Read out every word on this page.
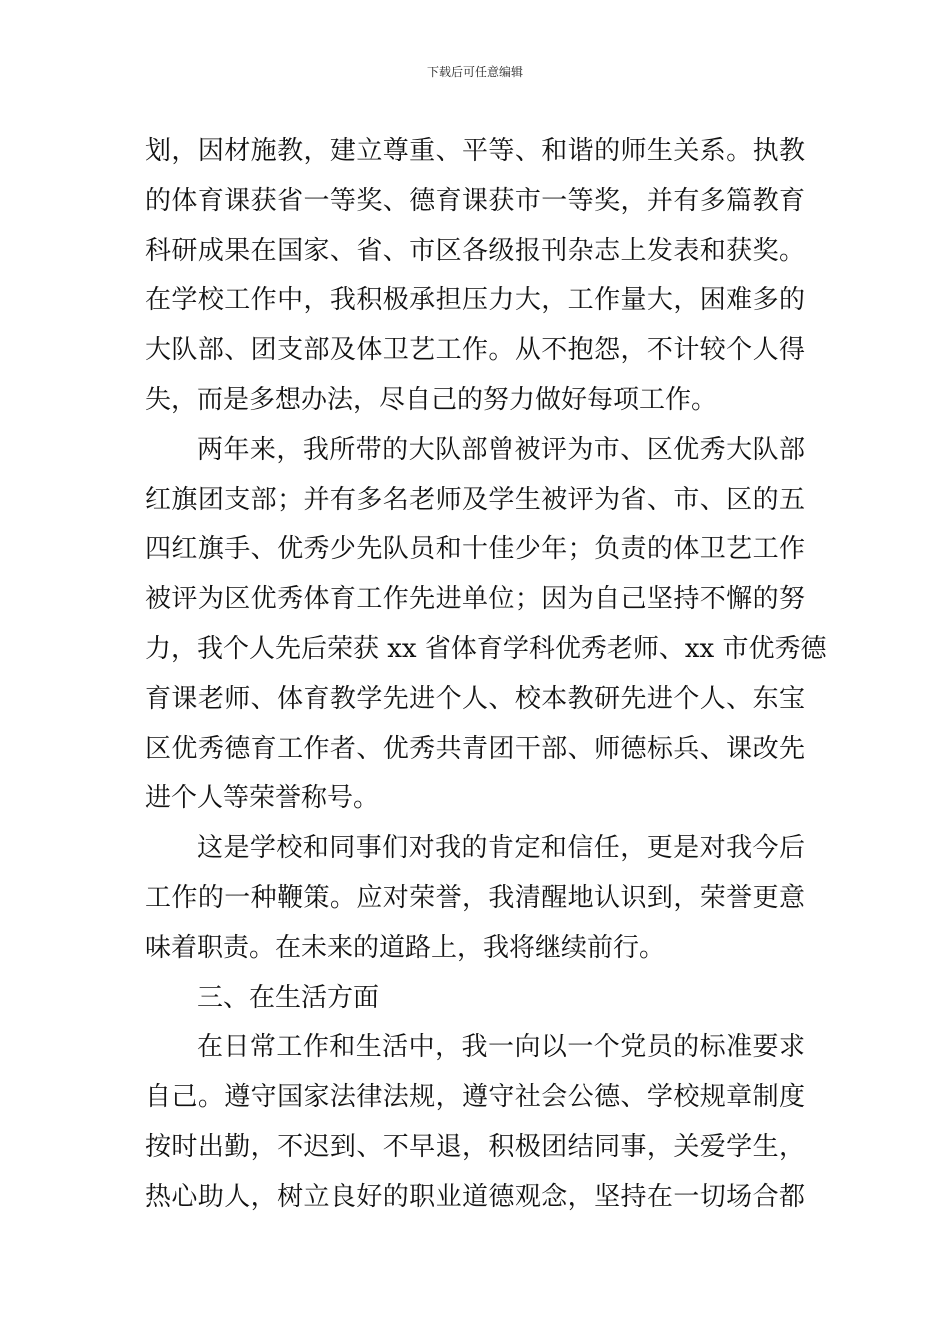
下载后可任意编辑
划，因材施教，建立尊重、平等、和谐的师生关系。执教
的体育课获省一等奖、德育课获市一等奖，并有多篇教育
科研成果在国家、省、市区各级报刊杂志上发表和获奖。
在学校工作中，我积极承担压力大，工作量大，困难多的
大队部、团支部及体卫艺工作。从不抱怨，不计较个人得
失，而是多想办法，尽自己的努力做好每项工作。
两年来，我所带的大队部曾被评为市、区优秀大队部
红旗团支部；并有多名老师及学生被评为省、市、区的五
四红旗手、优秀少先队员和十佳少年；负责的体卫艺工作
被评为区优秀体育工作先进单位；因为自己坚持不懈的努
力，我个人先后荣获 xx 省体育学科优秀老师、xx 市优秀德
育课老师、体育教学先进个人、校本教研先进个人、东宝
区优秀德育工作者、优秀共青团干部、师德标兵、课改先
进个人等荣誉称号。
这是学校和同事们对我的肯定和信任，更是对我今后
工作的一种鞭策。应对荣誉，我清醒地认识到，荣誉更意
味着职责。在未来的道路上，我将继续前行。
三、在生活方面
在日常工作和生活中，我一向以一个党员的标准要求
自己。遵守国家法律法规，遵守社会公德、学校规章制度
按时出勤，不迟到、不早退，积极团结同事，关爱学生，
热心助人，树立良好的职业道德观念，坚持在一切场合都
